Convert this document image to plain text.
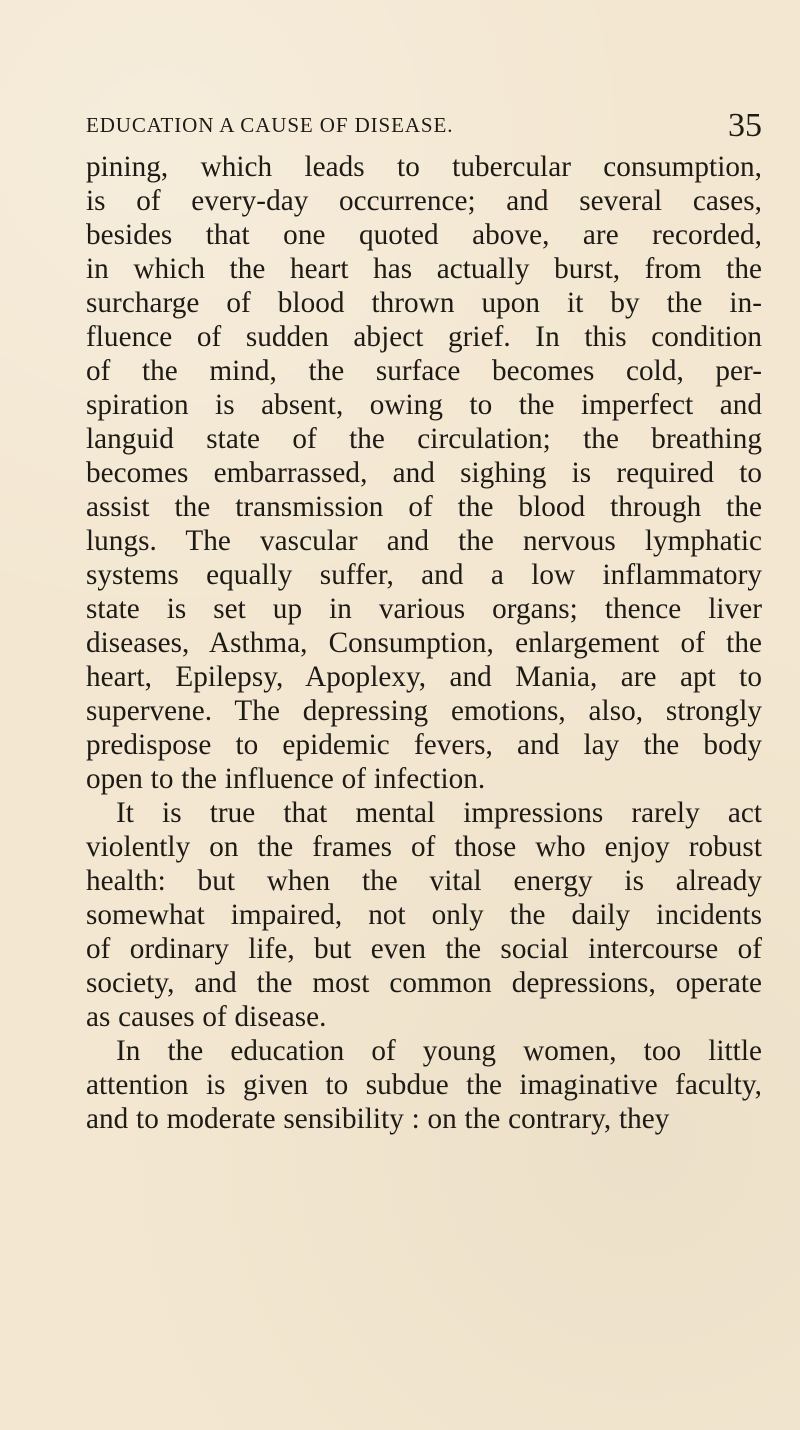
EDUCATION A CAUSE OF DISEASE.	35
pining, which leads to tubercular consumption,
is of every-day occurrence; and several cases,
besides that one quoted above, are recorded,
in which the heart has actually burst, from the
surcharge of blood thrown upon it by the in-
fluence of sudden abject grief. In this condition
of the mind, the surface becomes cold, per-
spiration is absent, owing to the imperfect and
languid state of the circulation; the breathing
becomes embarrassed, and sighing is required to
assist the transmission of the blood through the
lungs. The vascular and the nervous lymphatic
systems equally suffer, and a low inflammatory
state is set up in various organs; thence liver
diseases, Asthma, Consumption, enlargement of the
heart, Epilepsy, Apoplexy, and Mania, are apt to
supervene. The depressing emotions, also, strongly
predispose to epidemic fevers, and lay the body
open to the influence of infection.
It is true that mental impressions rarely act
violently on the frames of those who enjoy robust
health: but when the vital energy is already
somewhat impaired, not only the daily incidents
of ordinary life, but even the social intercourse of
society, and the most common depressions, operate
as causes of disease.
In the education of young women, too little
attention is given to subdue the imaginative faculty,
and to moderate sensibility : on the contrary, they
